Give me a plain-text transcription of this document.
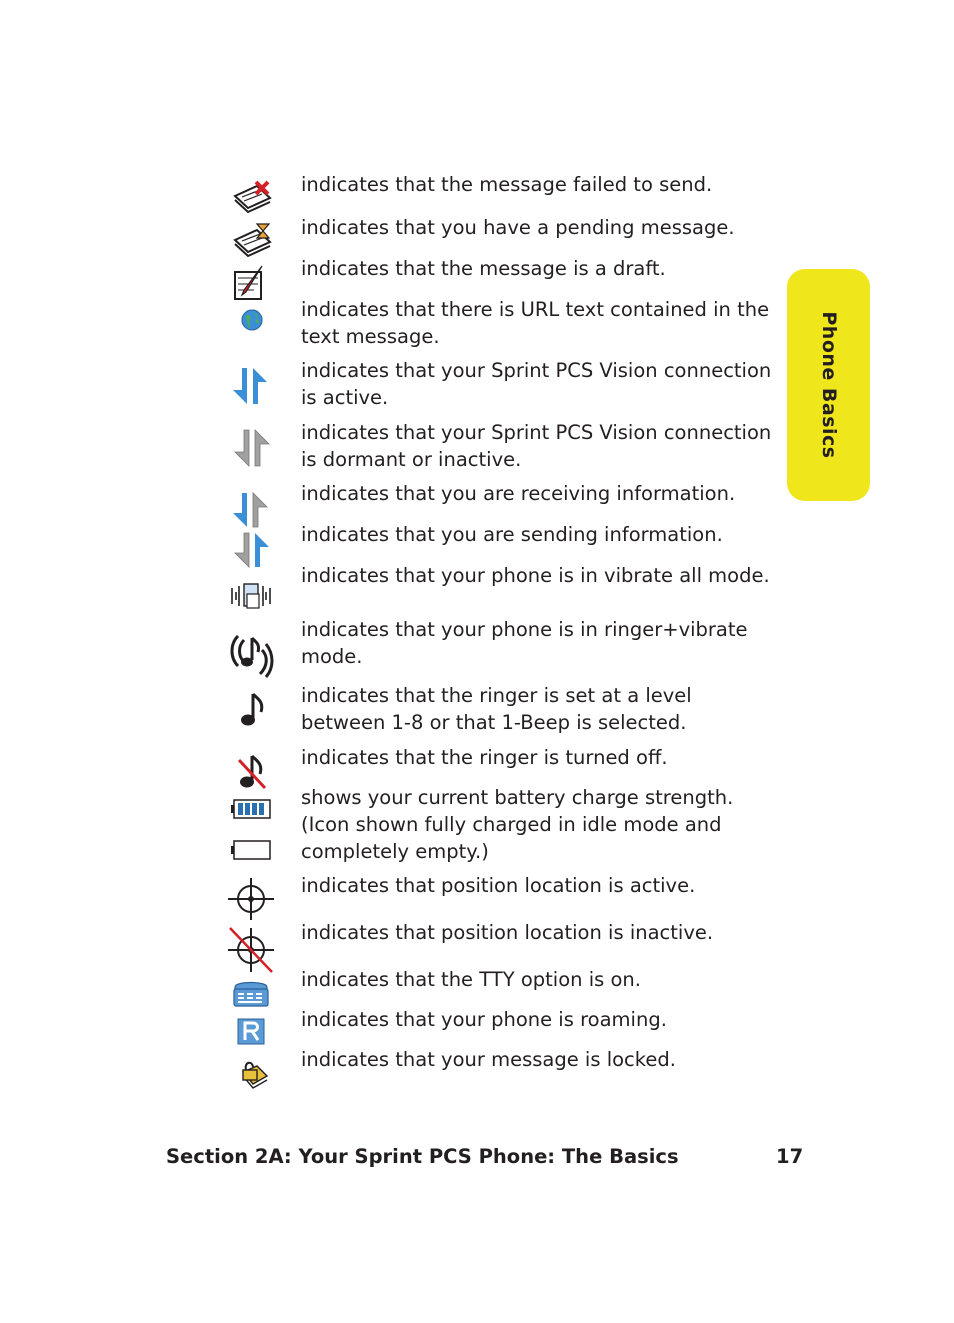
Phone Basics

indicates that the message failed to send.

indicates that you have a pending message.

indicates that the message is a draft.

indicates that there is URL text contained in the text message.

indicates that your Sprint PCS Vision connection is active.

indicates that your Sprint PCS Vision connection is dormant or inactive.

indicates that you are receiving information.

indicates that you are sending information.

indicates that your phone is in vibrate all mode.

indicates that your phone is in ringer+vibrate mode.

indicates that the ringer is set at a level between 1-8 or that 1-Beep is selected.

indicates that the ringer is turned off.

shows your current battery charge strength. (Icon shown fully charged in idle mode and completely empty.)

indicates that position location is active.

indicates that position location is inactive.

indicates that the TTY option is on.

indicates that your phone is roaming.

indicates that your message is locked.

Section 2A: Your Sprint PCS Phone: The Basics	17
